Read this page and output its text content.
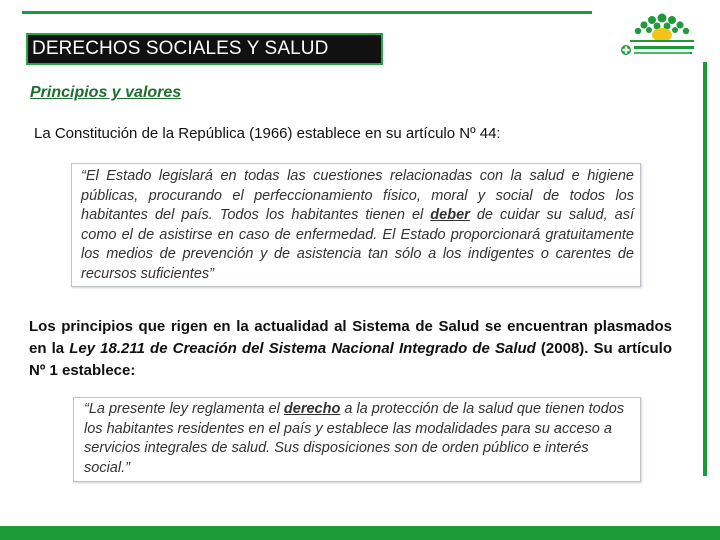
DERECHOS SOCIALES Y SALUD
Principios y valores
La Constitución de la República (1966) establece en su artículo Nº 44:
“El Estado legislará en todas las cuestiones relacionadas con la salud e higiene públicas, procurando el perfeccionamiento físico, moral y social de todos los habitantes del país. Todos los habitantes tienen el deber de cuidar su salud, así como el de asistirse en caso de enfermedad. El Estado proporcionará gratuitamente los medios de prevención y de asistencia tan sólo a los indigentes o carentes de recursos suficientes”
Los principios que rigen en la actualidad al Sistema de Salud se encuentran plasmados en la Ley 18.211 de Creación del Sistema Nacional Integrado de Salud (2008). Su artículo Nº 1 establece:
“La presente ley reglamenta el derecho a la protección de la salud que tienen todos los habitantes residentes en el país y establece las modalidades para su acceso a servicios integrales de salud. Sus disposiciones son de orden público e interés social.”
